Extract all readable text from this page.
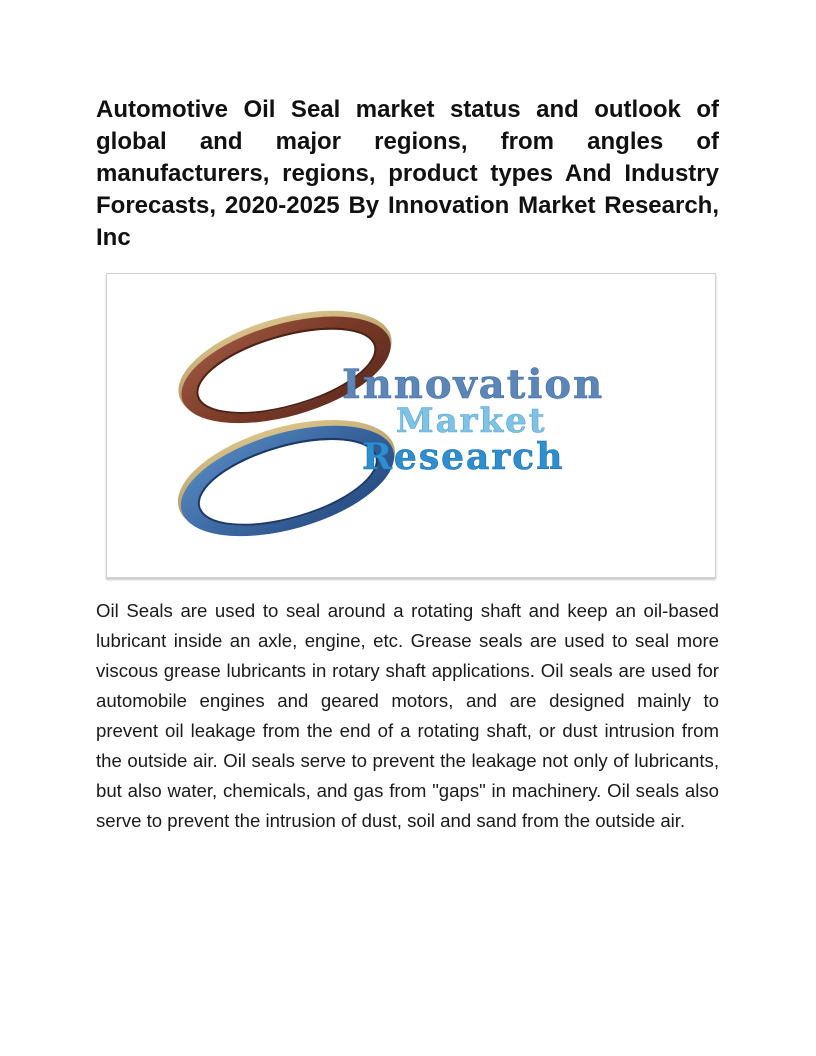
Automotive Oil Seal market status and outlook of global and major regions, from angles of manufacturers, regions, product types And Industry Forecasts, 2020-2025 By Innovation Market Research, Inc
Innovation
Market
Research

Oil Seals are used to seal around a rotating shaft and keep an oil-based lubricant inside an axle, engine, etc. Grease seals are used to seal more viscous grease lubricants in rotary shaft applications. Oil seals are used for automobile engines and geared motors, and are designed mainly to prevent oil leakage from the end of a rotating shaft, or dust intrusion from the outside air. Oil seals serve to prevent the leakage not only of lubricants, but also water, chemicals, and gas from "gaps" in machinery. Oil seals also serve to prevent the intrusion of dust, soil and sand from the outside air.
